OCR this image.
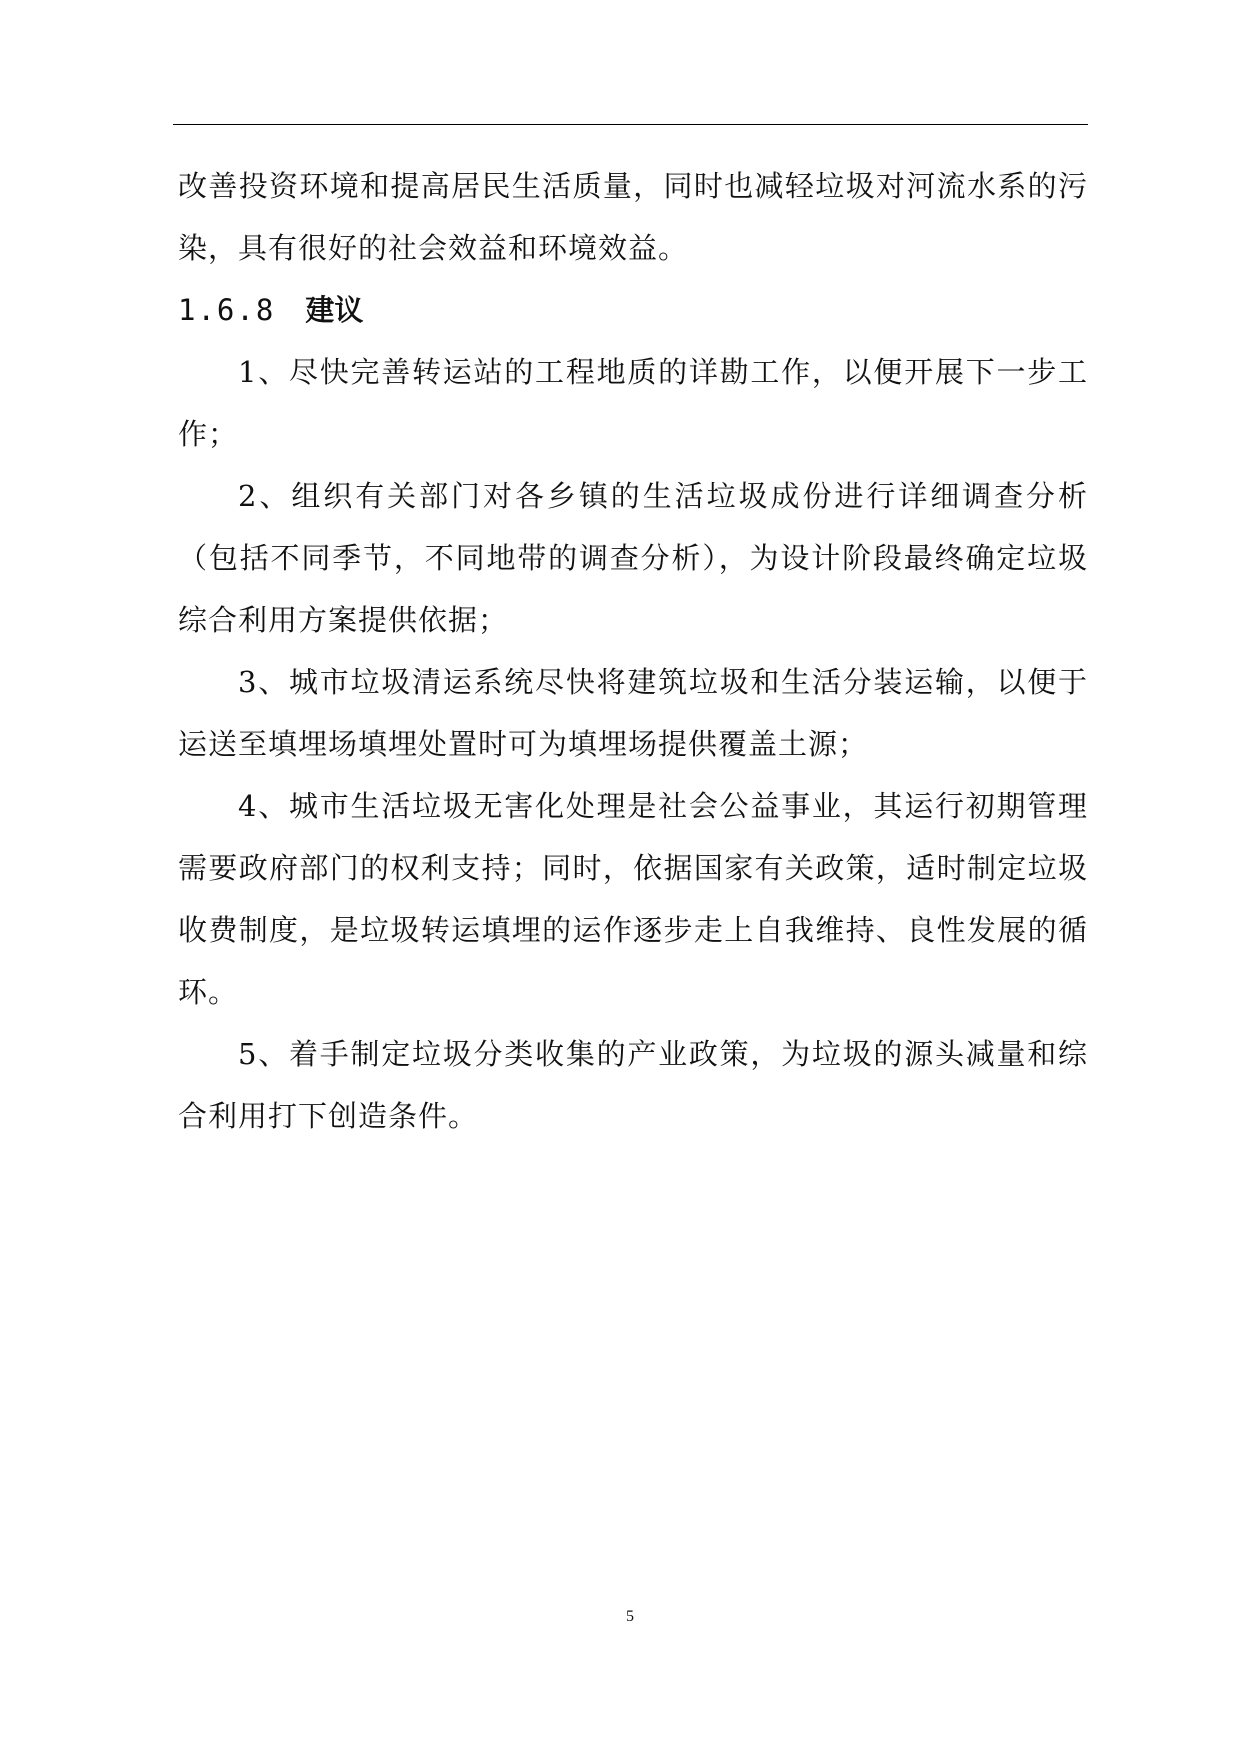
改善投资环境和提高居民生活质量，同时也减轻垃圾对河流水系的污染，具有很好的社会效益和环境效益。

1.6.8 建议

1、尽快完善转运站的工程地质的详勘工作，以便开展下一步工作；

2、组织有关部门对各乡镇的生活垃圾成份进行详细调查分析（包括不同季节，不同地带的调查分析），为设计阶段最终确定垃圾综合利用方案提供依据；

3、城市垃圾清运系统尽快将建筑垃圾和生活分装运输，以便于运送至填埋场填埋处置时可为填埋场提供覆盖土源；

4、城市生活垃圾无害化处理是社会公益事业，其运行初期管理需要政府部门的权利支持；同时，依据国家有关政策，适时制定垃圾收费制度，是垃圾转运填埋的运作逐步走上自我维持、良性发展的循环。

5、着手制定垃圾分类收集的产业政策，为垃圾的源头减量和综合利用打下创造条件。

5
